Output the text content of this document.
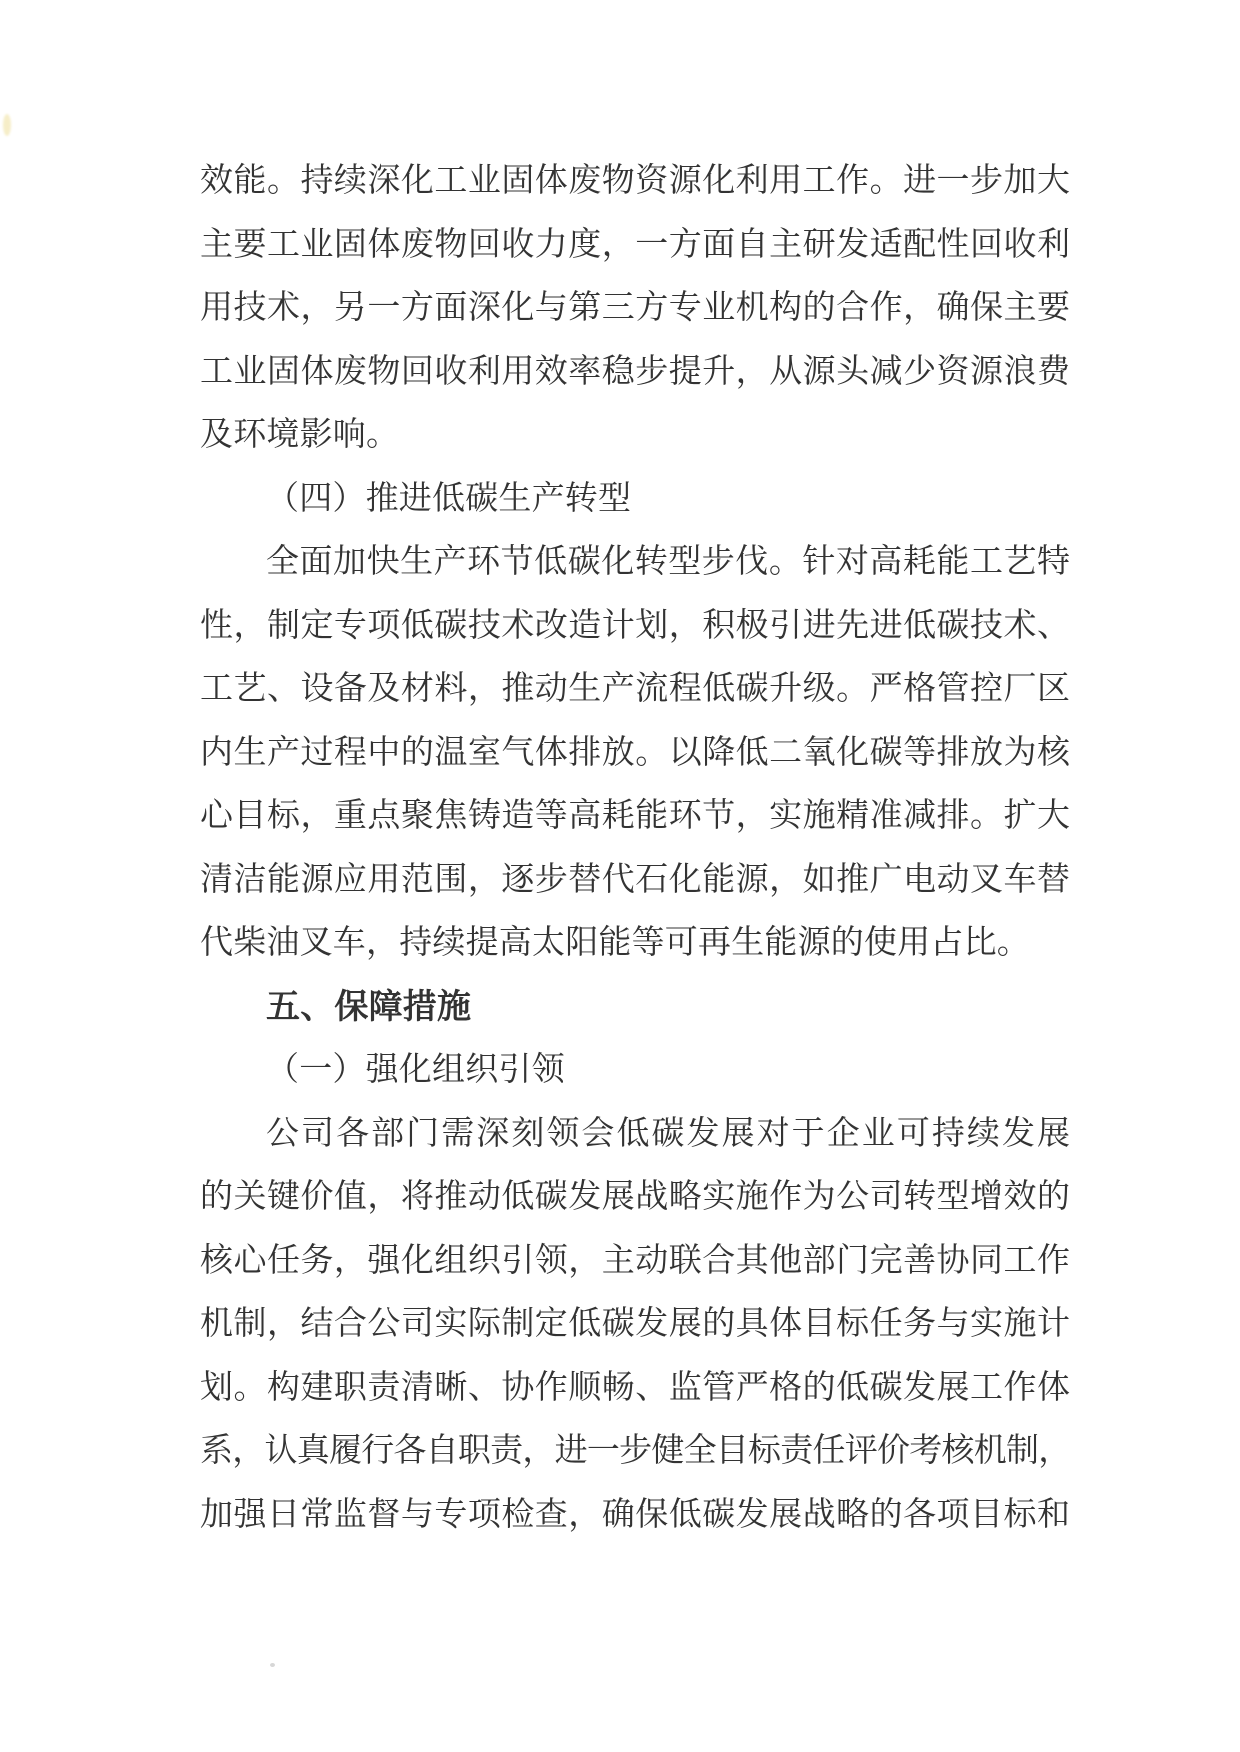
效能。持续深化工业固体废物资源化利用工作。进一步加大
主要工业固体废物回收力度，一方面自主研发适配性回收利
用技术，另一方面深化与第三方专业机构的合作，确保主要
工业固体废物回收利用效率稳步提升，从源头减少资源浪费
及环境影响。
（四）推进低碳生产转型
全面加快生产环节低碳化转型步伐。针对高耗能工艺特
性，制定专项低碳技术改造计划，积极引进先进低碳技术、
工艺、设备及材料，推动生产流程低碳升级。严格管控厂区
内生产过程中的温室气体排放。以降低二氧化碳等排放为核
心目标，重点聚焦铸造等高耗能环节，实施精准减排。扩大
清洁能源应用范围，逐步替代石化能源，如推广电动叉车替
代柴油叉车，持续提高太阳能等可再生能源的使用占比。
五、保障措施
（一）强化组织引领
公司各部门需深刻领会低碳发展对于企业可持续发展
的关键价值，将推动低碳发展战略实施作为公司转型增效的
核心任务，强化组织引领，主动联合其他部门完善协同工作
机制，结合公司实际制定低碳发展的具体目标任务与实施计
划。构建职责清晰、协作顺畅、监管严格的低碳发展工作体
系，认真履行各自职责，进一步健全目标责任评价考核机制，
加强日常监督与专项检查，确保低碳发展战略的各项目标和
